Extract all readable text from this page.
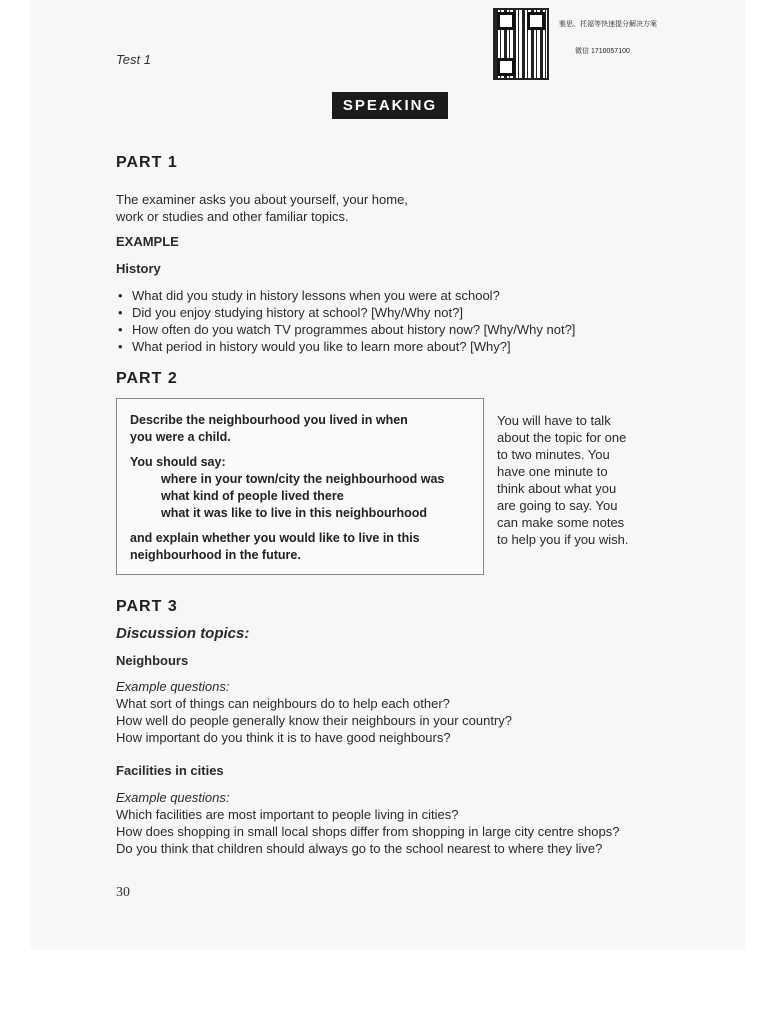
Test 1
雅思、托福等快速提分解决方案
微信 1710057100
SPEAKING
PART 1
The examiner asks you about yourself, your home,
work or studies and other familiar topics.
EXAMPLE
History
• What did you study in history lessons when you were at school?
• Did you enjoy studying history at school? [Why/Why not?]
• How often do you watch TV programmes about history now? [Why/Why not?]
• What period in history would you like to learn more about? [Why?]
PART 2
Describe the neighbourhood you lived in when
you were a child.
You should say:
where in your town/city the neighbourhood was
what kind of people lived there
what it was like to live in this neighbourhood
and explain whether you would like to live in this
neighbourhood in the future.
You will have to talk
about the topic for one
to two minutes. You
have one minute to
think about what you
are going to say. You
can make some notes
to help you if you wish.
PART 3
Discussion topics:
Neighbours
Example questions:
What sort of things can neighbours do to help each other?
How well do people generally know their neighbours in your country?
How important do you think it is to have good neighbours?
Facilities in cities
Example questions:
Which facilities are most important to people living in cities?
How does shopping in small local shops differ from shopping in large city centre shops?
Do you think that children should always go to the school nearest to where they live?
30
